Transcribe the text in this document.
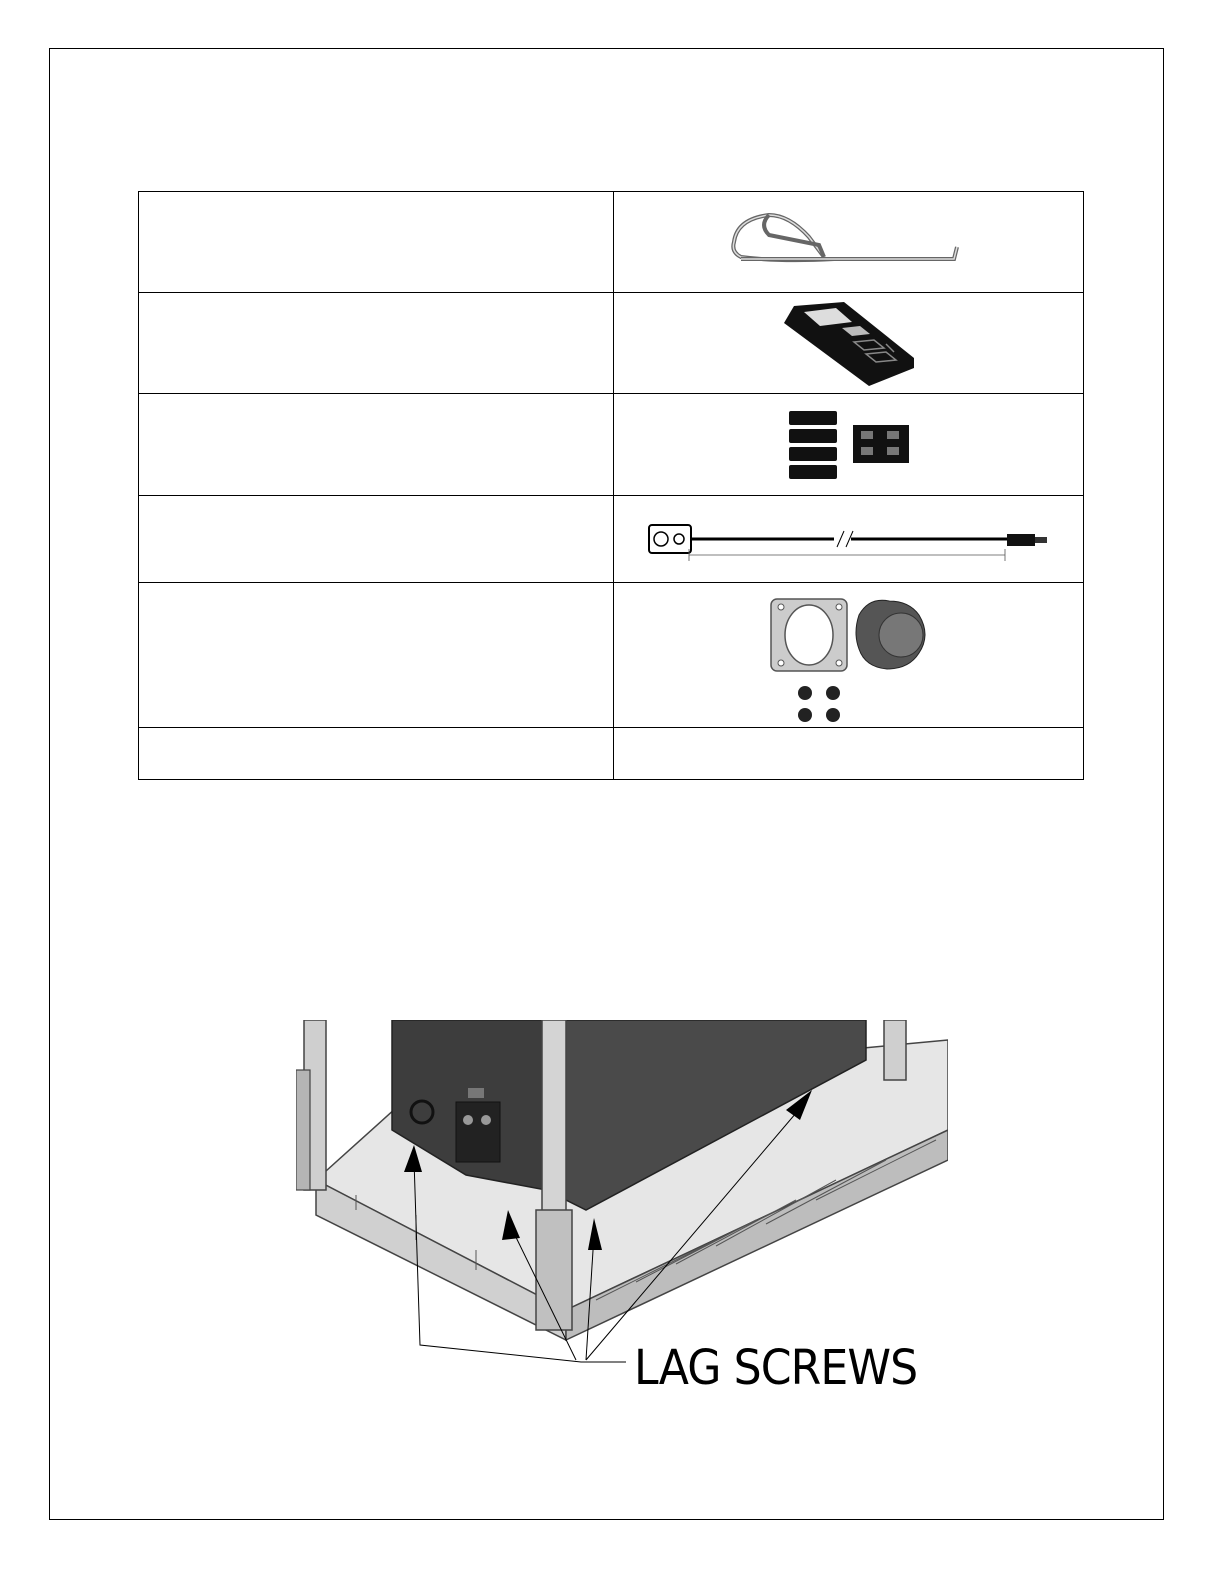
LAG SCREWS
